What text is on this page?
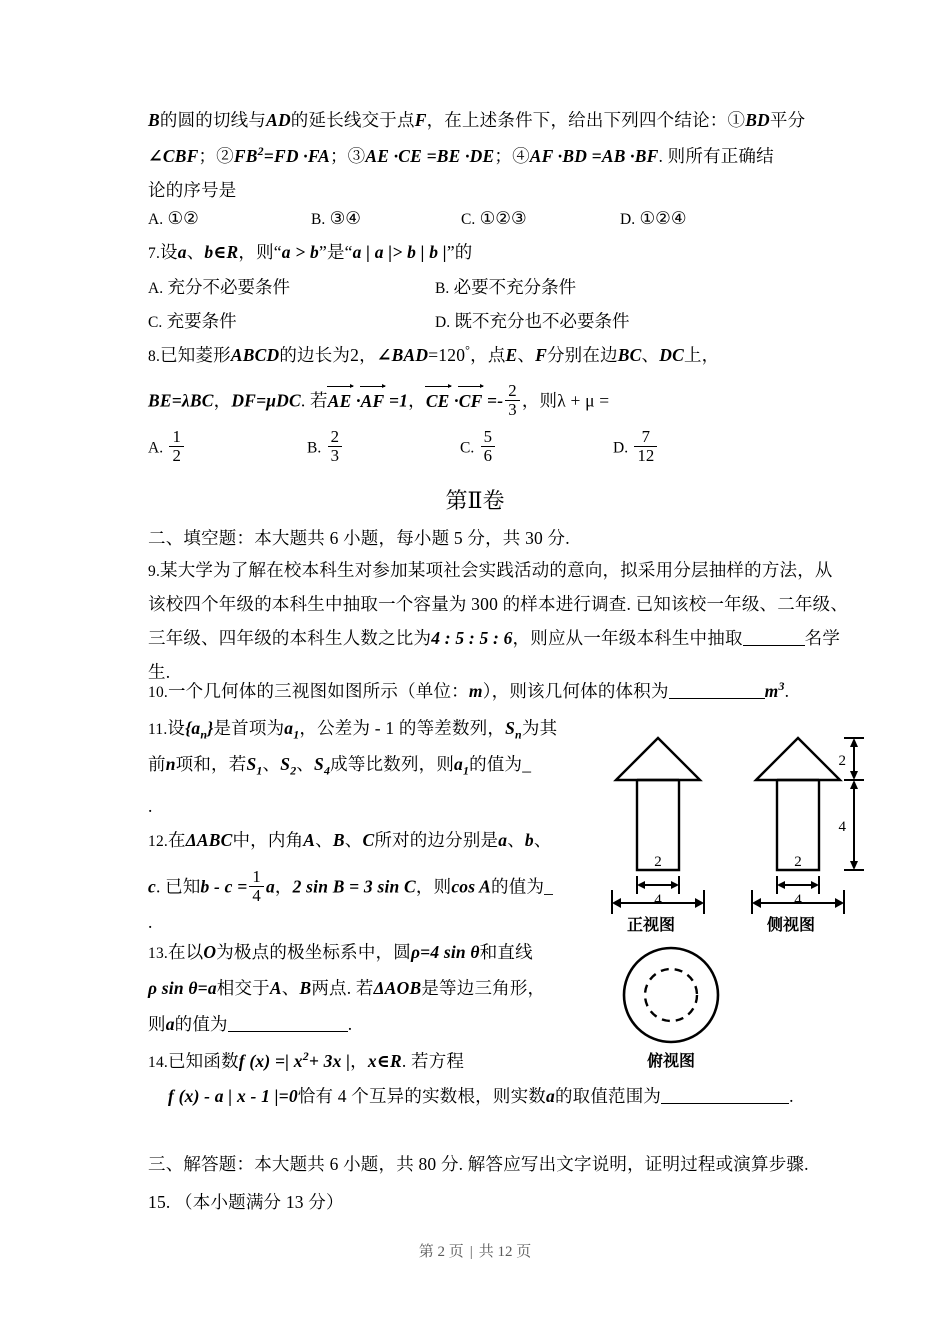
B的圆的切线与AD的延长线交于点F，在上述条件下，给出下列四个结论：①BD平分
∠CBF；$②FB^2=FD \cdot FA$；③AE ·CE =BE ·DE；④AF ·BD =AB ·BF. 则所有正确结
论的序号是
A. ①②	B. ③④	C. ①②③	D. ①②④
7.设a、b∈R，则“a > b”是“a | a |> b | b |”的
A. 充分不必要条件	B. 必要不充分条件
C. 充要条件	D. 既不充分也不必要条件
8.已知菱形ABCD的边长为2，∠BAD=120°，点E、F分别在边BC、DC上，
BE=λBC，DF=μDC. 若AE ·AF =1，CE $\cdot CF =- \frac{2}{3}$ ，则λ + μ =
A. $\frac{1}{2}$	B. $\frac{2}{3}$	C. $\frac{5}{6}$	D. $\frac{7}{12}$
第Ⅱ卷
二、填空题：本大题共 6 小题，每小题 5 分，共 30 分.
9.某大学为了解在校本科生对参加某项社会实践活动的意向，拟采用分层抽样的方法，从
该校四个年级的本科生中抽取一个容量为 300 的样本进行调查. 已知该校一年级、二年级、
三年级、四年级的本科生人数之比为4 : 5 : 5 : 6，则应从一年级本科生中抽取	名学
生.
10.一个几何体的三视图如图所示（单位：m），则该几何体的体积为	$m^3$.
11.设$\{a_n\}$是首项为$a_1$，公差为 - 1 的等差数列，$S_n$为其
前n项和，若$S_1$、$S_2$、$S_4$成等比数列，则$a_1$的值为_
.
12.在ΔABC中，内角A、B、C所对的边分别是a、b、
c. 已知$b - c = \frac{1}{4}$ a，2 sin B = 3 sin C，则cos A的值为_
.
13.在以O为极点的极坐标系中，圆ρ=4 sin θ和直线
ρ sin θ=a相交于A、B两点. 若ΔAOB是等边三角形，
则a的值为	.
14.已知函数f (x) =| $x^2+ 3x$ |，x∈R. 若方程
f (x) - a | x - 1 |=0恰有 4 个互异的实数根，则实数a的取值范围为	.
三、解答题：本大题共 6 小题，共 80 分. 解答应写出文字说明，证明过程或演算步骤.
15. （本小题满分 13 分）
2
4
2
4
2
4
正视图	侧视图
俯视图
第 2 页 | 共 12 页
